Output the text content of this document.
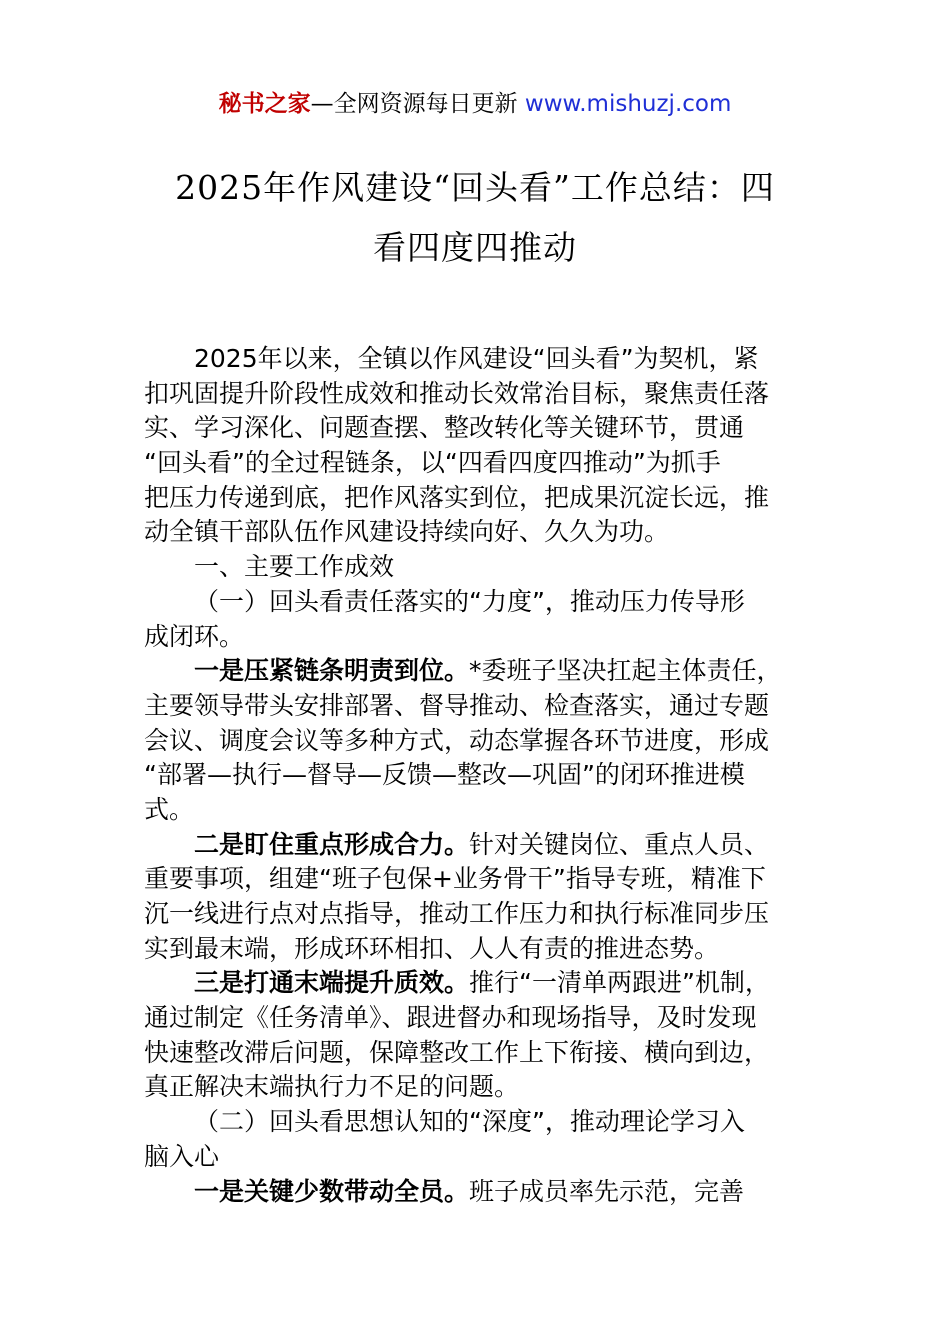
秘书之家—全网资源每日更新 www.mishuzj.com
2025年作风建设“回头看”工作总结：四
看四度四推动
2025年以来，全镇以作风建设“回头看”为契机，紧
扣巩固提升阶段性成效和推动长效常治目标，聚焦责任落
实、学习深化、问题查摆、整改转化等关键环节，贯通
“回头看”的全过程链条，以“四看四度四推动”为抓手
把压力传递到底，把作风落实到位，把成果沉淀长远，推
动全镇干部队伍作风建设持续向好、久久为功。
一、主要工作成效
（一）回头看责任落实的“力度”，推动压力传导形
成闭环。
一是压紧链条明责到位。*委班子坚决扛起主体责任，
主要领导带头安排部署、督导推动、检查落实，通过专题
会议、调度会议等多种方式，动态掌握各环节进度，形成
“部署—执行—督导—反馈—整改—巩固”的闭环推进模
式。
二是盯住重点形成合力。针对关键岗位、重点人员、
重要事项，组建“班子包保+业务骨干”指导专班，精准下
沉一线进行点对点指导，推动工作压力和执行标准同步压
实到最末端，形成环环相扣、人人有责的推进态势。
三是打通末端提升质效。推行“一清单两跟进”机制，
通过制定《任务清单》、跟进督办和现场指导，及时发现
快速整改滞后问题，保障整改工作上下衔接、横向到边，
真正解决末端执行力不足的问题。
（二）回头看思想认知的“深度”，推动理论学习入
脑入心
一是关键少数带动全员。班子成员率先示范，完善
